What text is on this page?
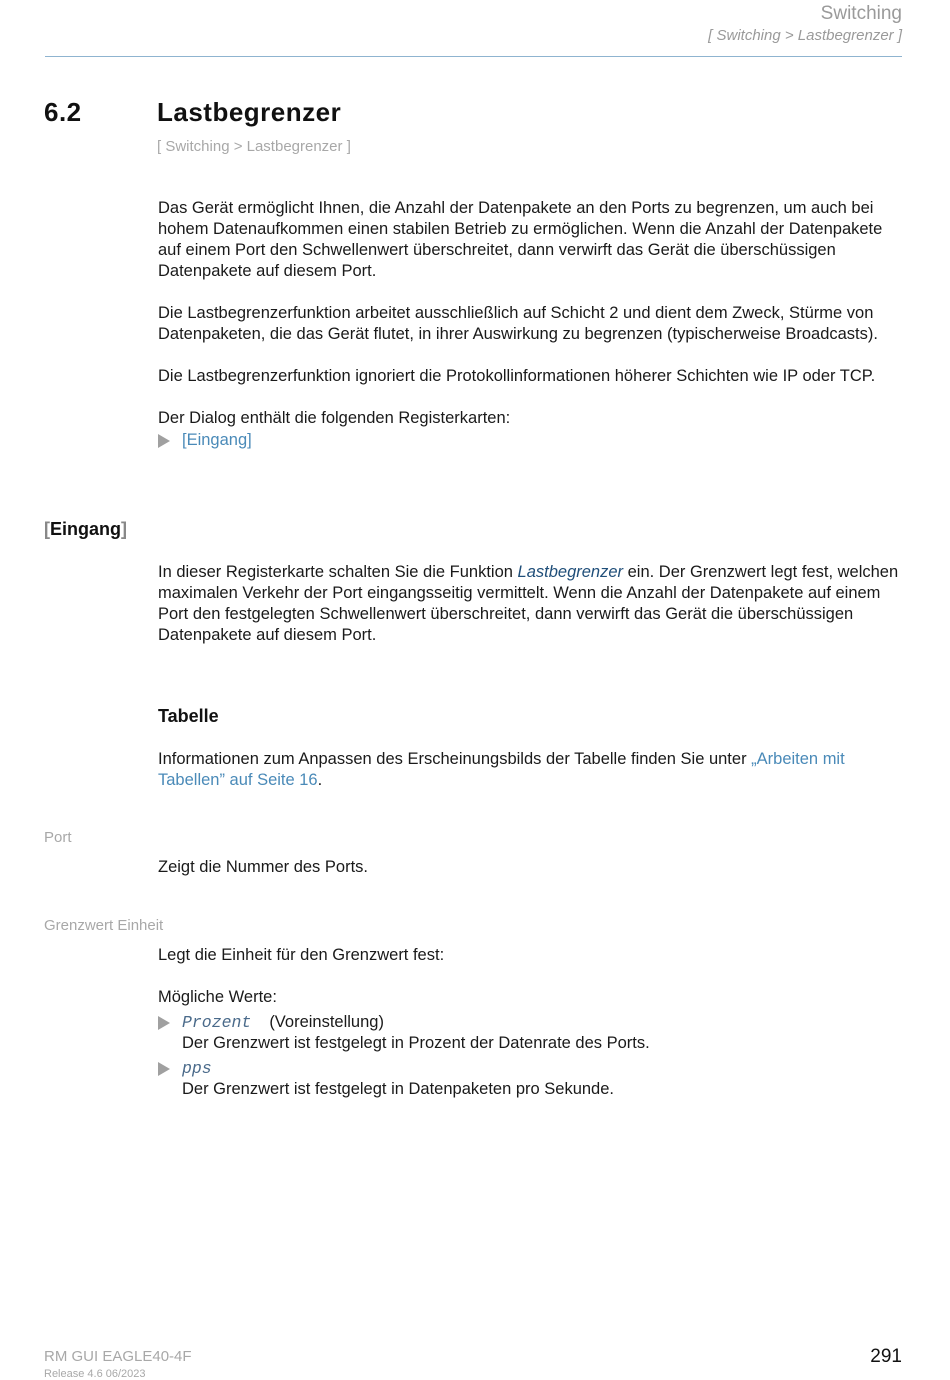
Switching
[ Switching > Lastbegrenzer ]
6.2	Lastbegrenzer
[ Switching > Lastbegrenzer ]

Das Gerät ermöglicht Ihnen, die Anzahl der Datenpakete an den Ports zu begrenzen, um auch bei hohem Datenaufkommen einen stabilen Betrieb zu ermöglichen. Wenn die Anzahl der Datenpakete auf einem Port den Schwellenwert überschreitet, dann verwirft das Gerät die überschüssigen Datenpakete auf diesem Port.

Die Lastbegrenzerfunktion arbeitet ausschließlich auf Schicht 2 und dient dem Zweck, Stürme von Datenpaketen, die das Gerät flutet, in ihrer Auswirkung zu begrenzen (typischerweise Broadcasts).

Die Lastbegrenzerfunktion ignoriert die Protokollinformationen höherer Schichten wie IP oder TCP.

Der Dialog enthält die folgenden Registerkarten:

[Eingang]
[Eingang]

In dieser Registerkarte schalten Sie die Funktion Lastbegrenzer ein. Der Grenzwert legt fest, welchen maximalen Verkehr der Port eingangsseitig vermittelt. Wenn die Anzahl der Datenpakete auf einem Port den festgelegten Schwellenwert überschreitet, dann verwirft das Gerät die überschüssigen Datenpakete auf diesem Port.

Tabelle

Informationen zum Anpassen des Erscheinungsbilds der Tabelle finden Sie unter „Arbeiten mit Tabellen” auf Seite 16.

Port
Zeigt die Nummer des Ports.
Grenzwert Einheit

Legt die Einheit für den Grenzwert fest:

Mögliche Werte:

Prozent (Voreinstellung)
Der Grenzwert ist festgelegt in Prozent der Datenrate des Ports.
pps
Der Grenzwert ist festgelegt in Datenpaketen pro Sekunde.
RM GUI EAGLE40-4F
Release 4.6 06/2023
291
